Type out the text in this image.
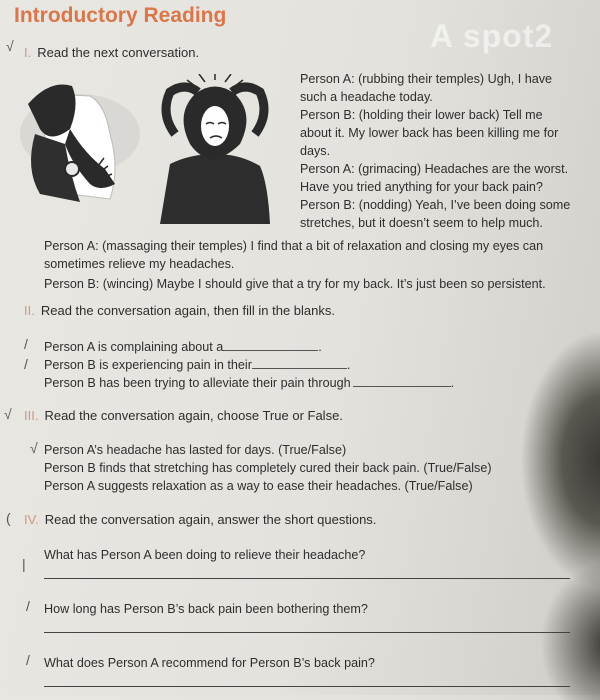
Introductory Reading
A spot2
√ I. Read the next conversation.
Person A: (rubbing their temples) Ugh, I have
such a headache today.
Person B: (holding their lower back) Tell me
about it. My lower back has been killing me for
days.
Person A: (grimacing) Headaches are the worst.
Have you tried anything for your back pain?
Person B: (nodding) Yeah, I’ve been doing some
stretches, but it doesn’t seem to help much.
Person A: (massaging their temples) I find that a bit of relaxation and closing my eyes can
sometimes relieve my headaches.
Person B: (wincing) Maybe I should give that a try for my back. It’s just been so persistent.
II. Read the conversation again, then fill in the blanks.
/
/
Person A is complaining about a	.
Person B is experiencing pain in their	.
Person B has been trying to alleviate their pain through	.
√ III. Read the conversation again, choose True or False.
√ Person A’s headache has lasted for days. (True/False)
Person B finds that stretching has completely cured their back pain. (True/False)
Person A suggests relaxation as a way to ease their headaches. (True/False)
( IV. Read the conversation again, answer the short questions.
What has Person A been doing to relieve their headache?
How long has Person B’s back pain been bothering them?
What does Person A recommend for Person B’s back pain?
|
/
/
